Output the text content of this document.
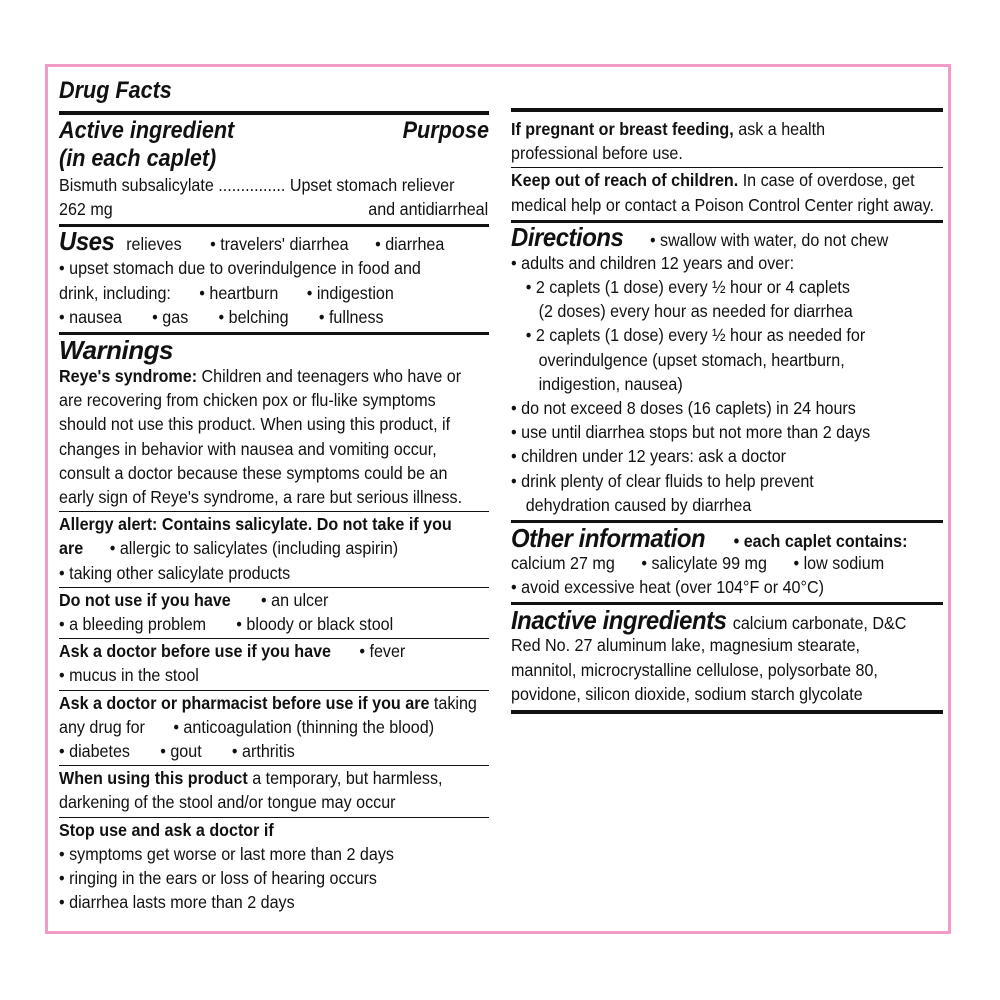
Drug Facts
Active ingredient	Purpose
(in each caplet)
Bismuth subsalicylate ............... Upset stomach reliever
262 mg	and antidiarrheal
Uses relieves • travelers' diarrhea • diarrhea
• upset stomach due to overindulgence in food and
drink, including: • heartburn • indigestion
• nausea • gas • belching • fullness
Warnings
Reye's syndrome: Children and teenagers who have or
are recovering from chicken pox or flu-like symptoms
should not use this product. When using this product, if
changes in behavior with nausea and vomiting occur,
consult a doctor because these symptoms could be an
early sign of Reye's syndrome, a rare but serious illness.
Allergy alert: Contains salicylate. Do not take if you
are • allergic to salicylates (including aspirin)
• taking other salicylate products
Do not use if you have • an ulcer
• a bleeding problem • bloody or black stool
Ask a doctor before use if you have • fever
• mucus in the stool
Ask a doctor or pharmacist before use if you are taking
any drug for • anticoagulation (thinning the blood)
• diabetes • gout • arthritis
When using this product a temporary, but harmless,
darkening of the stool and/or tongue may occur
Stop use and ask a doctor if
• symptoms get worse or last more than 2 days
• ringing in the ears or loss of hearing occurs
• diarrhea lasts more than 2 days
If pregnant or breast feeding, ask a health
professional before use.
Keep out of reach of children. In case of overdose, get
medical help or contact a Poison Control Center right away.
Directions • swallow with water, do not chew
• adults and children 12 years and over:
• 2 caplets (1 dose) every ½ hour or 4 caplets
(2 doses) every hour as needed for diarrhea
• 2 caplets (1 dose) every ½ hour as needed for
overindulgence (upset stomach, heartburn,
indigestion, nausea)
• do not exceed 8 doses (16 caplets) in 24 hours
• use until diarrhea stops but not more than 2 days
• children under 12 years: ask a doctor
• drink plenty of clear fluids to help prevent
dehydration caused by diarrhea
Other information • each caplet contains:
calcium 27 mg • salicylate 99 mg • low sodium
• avoid excessive heat (over 104°F or 40°C)
Inactive ingredients calcium carbonate, D&C
Red No. 27 aluminum lake, magnesium stearate,
mannitol, microcrystalline cellulose, polysorbate 80,
povidone, silicon dioxide, sodium starch glycolate
